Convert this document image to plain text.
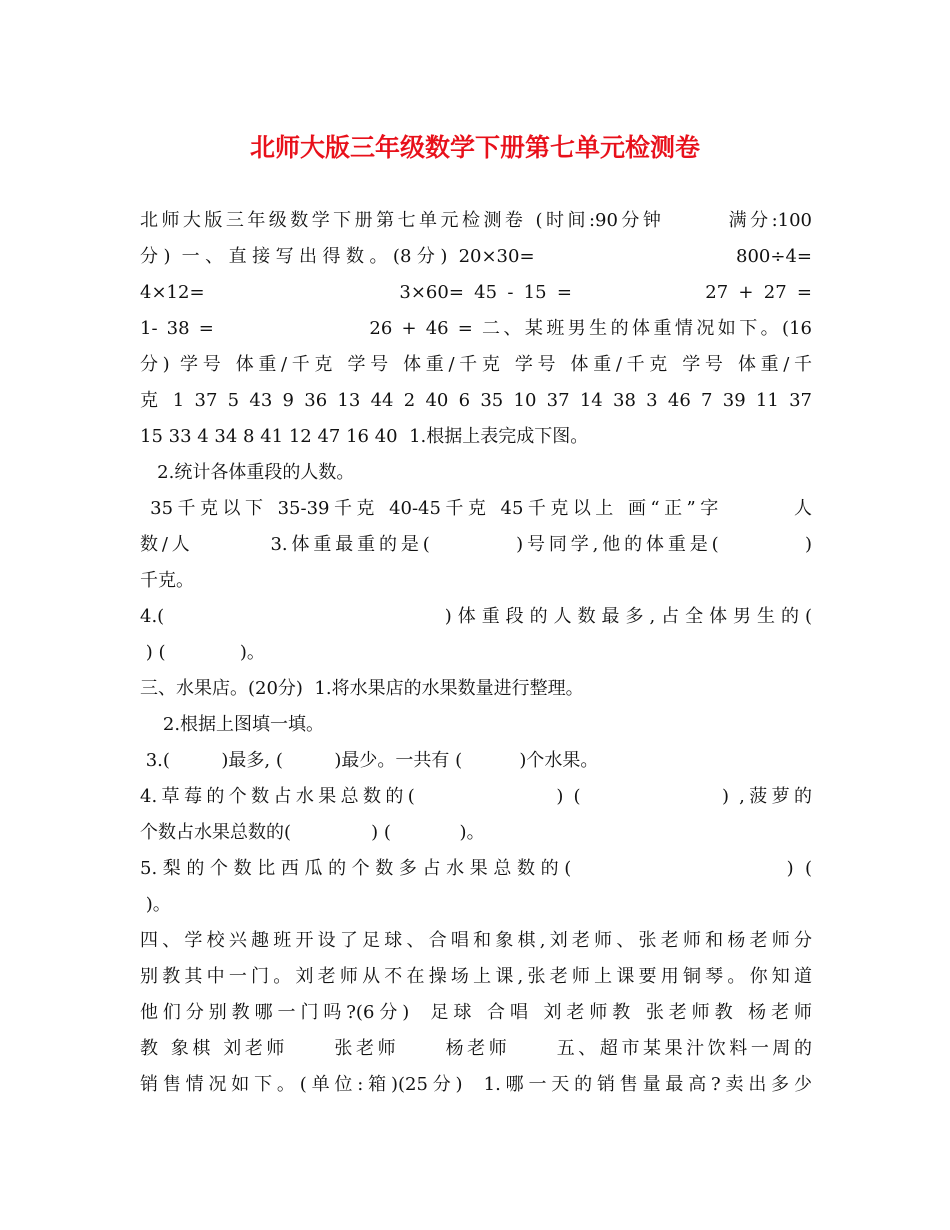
北师大版三年级数学下册第七单元检测卷
北师大版三年级数学下册第七单元检测卷 (时间:90分钟       满分:100
分) 一、直接写出得数。(8分) 20×30=                  800÷4=
4×12=                   3×60= 45 - 15 =             27 + 27 =
1- 38 =                 26 + 46 = 二、某班男生的体重情况如下。(16
分) 学号 体重/千克 学号 体重/千克 学号 体重/千克 学号 体重/千
克 1 37 5 43 9 36 13 44 2 40 6 35 10 37 14 38 3 46 7 39 11 37
15 33 4 34 8 41 12 47 16 40  1.根据上表完成下图。
2.统计各体重段的人数。
35千克以下 35-39千克 40-45千克 45千克以上 画“正”字       人
数/人        3.体重最重的是(         )号同学,他的体重是(         )
千克。
4.(                        )体重段的人数最多,占全体男生的(
) (             )。
三、水果店。(20分)  1.将水果店的水果数量进行整理。
2.根据上图填一填。
3.(         )最多, (         )最少。一共有 (          )个水果。
4.草莓的个数占水果总数的(              ) (              ) ,菠萝的
个数占水果总数的(              ) (            )。
5.梨的个数比西瓜的个数多占水果总数的(                   ) (
)。
四、学校兴趣班开设了足球、合唱和象棋,刘老师、张老师和杨老师分
别教其中一门。刘老师从不在操场上课,张老师上课要用铜琴。你知道
他们分别教哪一门吗?(6分)  足球 合唱 刘老师教 张老师教 杨老师
教 象棋 刘老师     张老师     杨老师     五、超市某果汁饮料一周的
销售情况如下。(单位:箱)(25分)  1.哪一天的销售量最高?卖出多少
